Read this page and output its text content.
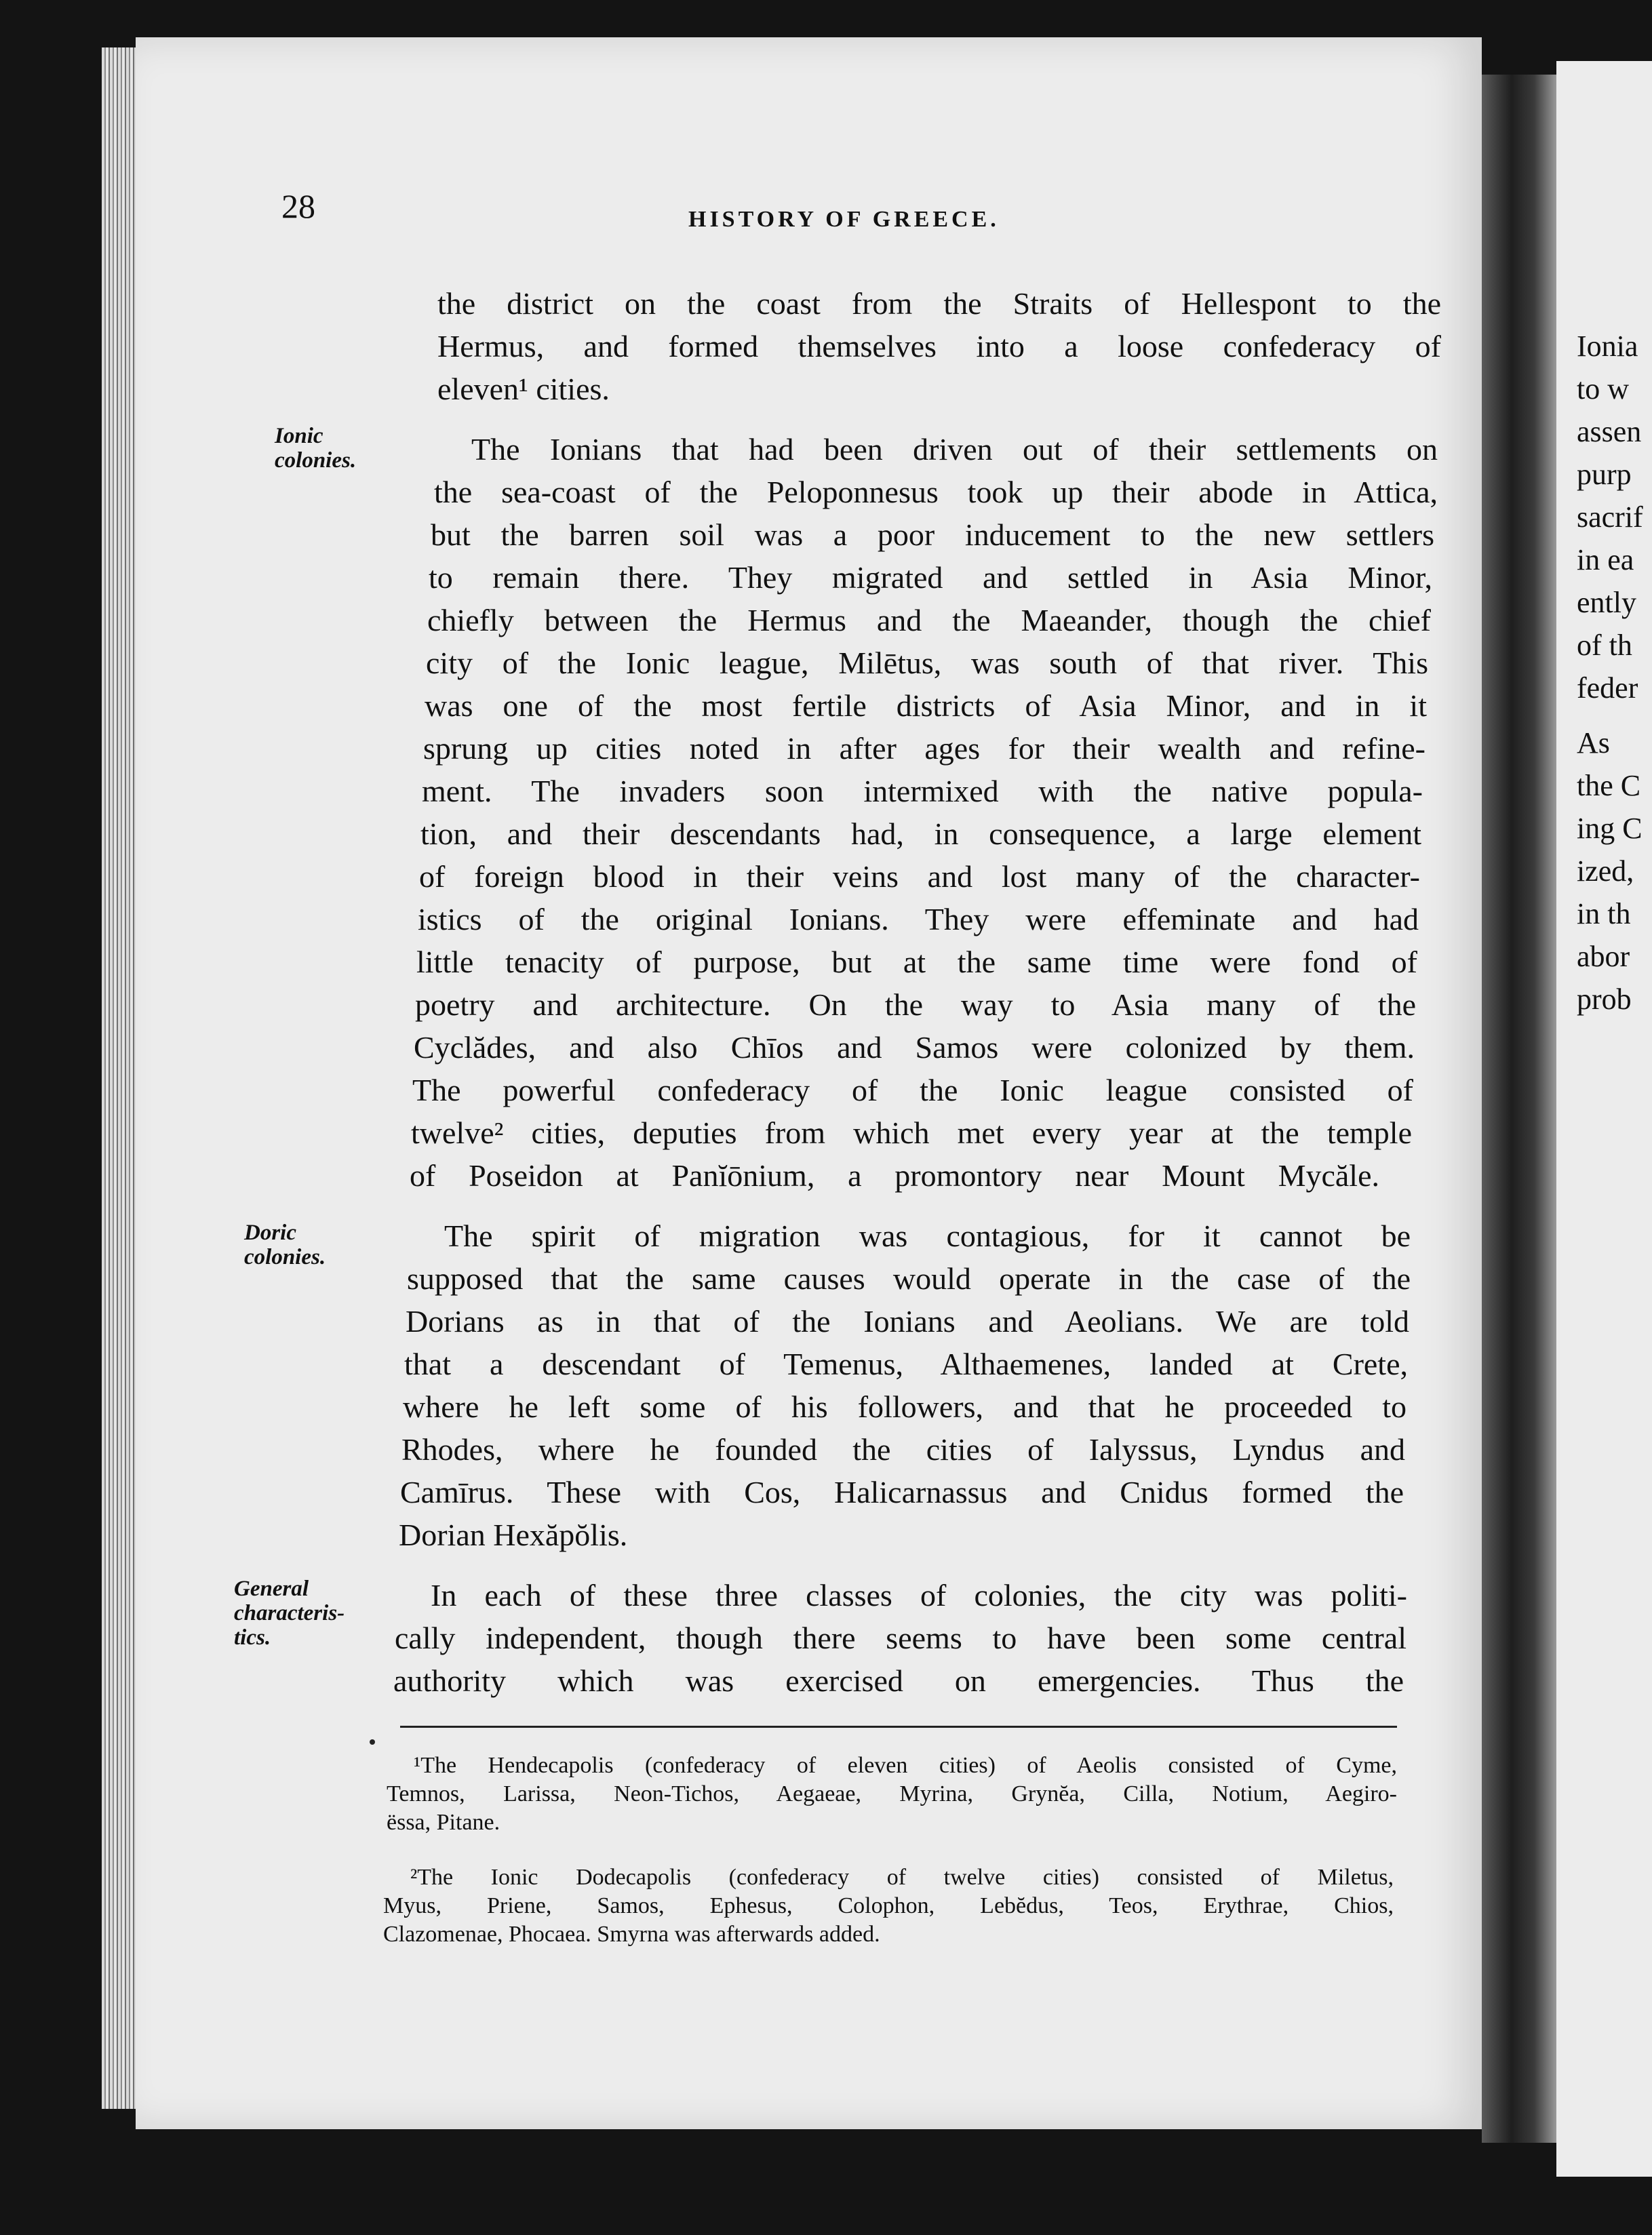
Ionia
to w
assen
purp
sacrif
in ea
ently
of th
feder
As
the C
ing C
ized,
in th
abor
prob
28	HISTORY OF GREECE.
Ionic
colonies.
Doric
colonies.
General
characteris-
tics.
the district on the coast from the Straits of Hellespont to the
Hermus, and formed themselves into a loose confederacy of
eleven¹ cities.
The Ionians that had been driven out of their settlements on
the sea-coast of the Peloponnesus took up their abode in Attica,
but the barren soil was a poor inducement to the new settlers
to remain there. They migrated and settled in Asia Minor,
chiefly between the Hermus and the Maeander, though the chief
city of the Ionic league, Milētus, was south of that river. This
was one of the most fertile districts of Asia Minor, and in it
sprung up cities noted in after ages for their wealth and refine-
ment. The invaders soon intermixed with the native popula-
tion, and their descendants had, in consequence, a large element
of foreign blood in their veins and lost many of the character-
istics of the original Ionians. They were effeminate and had
little tenacity of purpose, but at the same time were fond of
poetry and architecture. On the way to Asia many of the
Cyclădes, and also Chīos and Samos were colonized by them.
The powerful confederacy of the Ionic league consisted of
twelve² cities, deputies from which met every year at the temple
of Poseidon at Panĭōnium, a promontory near Mount Mycăle.
The spirit of migration was contagious, for it cannot be
supposed that the same causes would operate in the case of the
Dorians as in that of the Ionians and Aeolians. We are told
that a descendant of Temenus, Althaemenes, landed at Crete,
where he left some of his followers, and that he proceeded to
Rhodes, where he founded the cities of Ialyssus, Lyndus and
Camīrus. These with Cos, Halicarnassus and Cnidus formed the
Dorian Hexăpŏlis.
In each of these three classes of colonies, the city was politi-
cally independent, though there seems to have been some central
authority which was exercised on emergencies. Thus the
¹The Hendecapolis (confederacy of eleven cities) of Aeolis consisted of Cyme,
Temnos, Larissa, Neon-Tichos, Aegaeae, Myrina, Grynĕa, Cilla, Notium, Aegiro-
ëssa, Pitane.
²The Ionic Dodecapolis (confederacy of twelve cities) consisted of Miletus,
Myus, Priene, Samos, Ephesus, Colophon, Lebĕdus, Teos, Erythrae, Chios,
Clazomenae, Phocaea. Smyrna was afterwards added.
